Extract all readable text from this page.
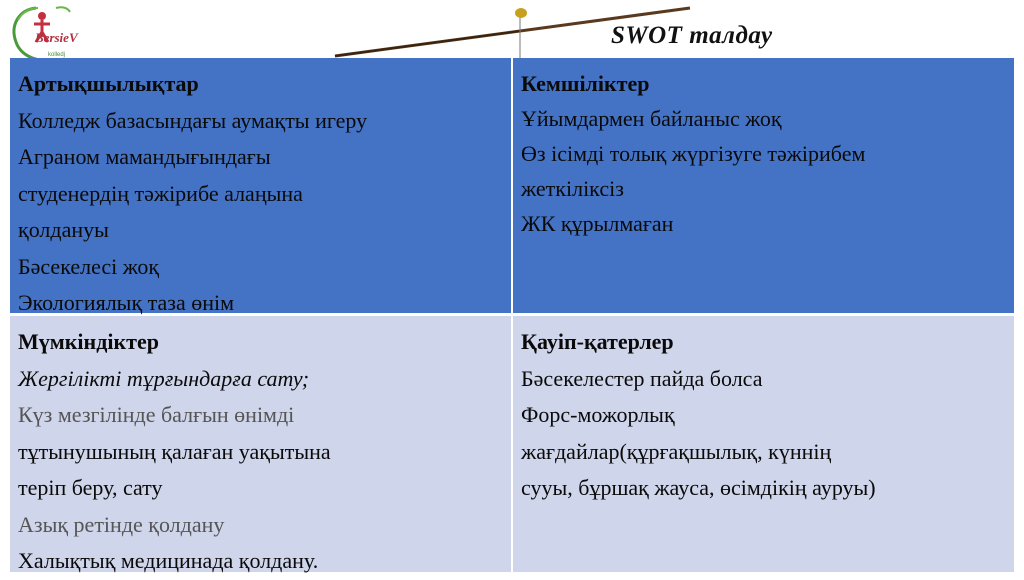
BersieV
kolledj
SWOT талдау
Артықшылықтар
Колледж базасындағы аумақты игеру
Аграном мамандығындағы
студенердің тәжірибе алаңына
қолдануы
Бәсекелесі жоқ
Экологиялық таза өнім
Кемшіліктер
Ұйымдармен байланыс жоқ
Өз ісімді толық жүргізуге тәжірибем
жеткіліксіз
ЖК құрылмаған
Мүмкіндіктер
Жергілікті тұрғындарға сату;
Күз мезгілінде балғын өнімді
тұтынушының қалаған уақытына
теріп беру, сату
Азық ретінде қолдану
Халықтық медицинада қолдану.
Қауіп-қатерлер
Бәсекелестер пайда болса
Форс-можорлық
жағдайлар(құрғақшылық, күннің
сууы, бұршақ жауса, өсімдікің ауруы)
